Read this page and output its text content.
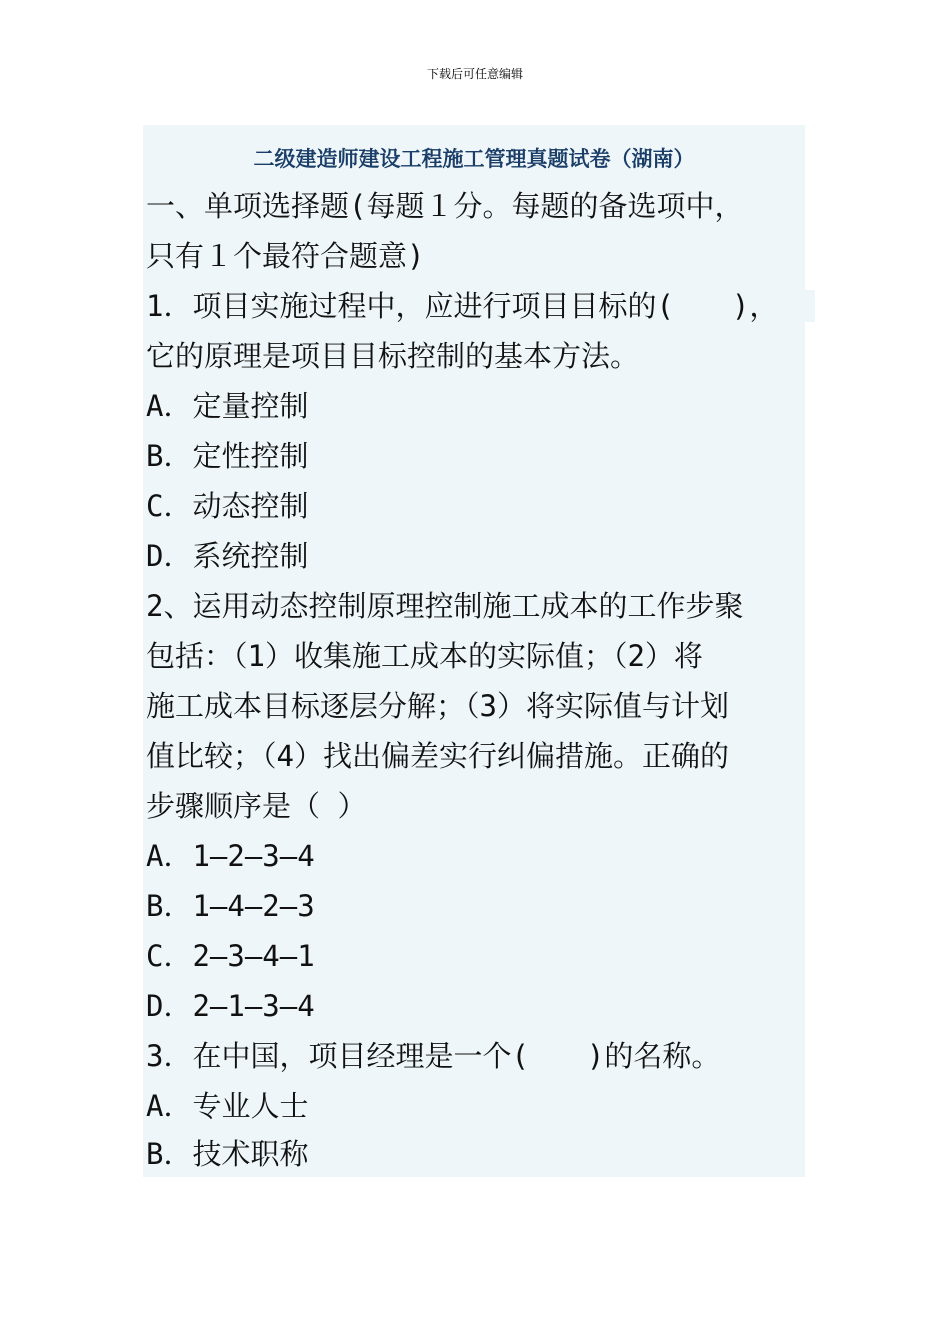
下载后可任意编辑
二级建造师建设工程施工管理真题试卷（湖南）
一、单项选择题(每题１分。每题的备选项中，
只有１个最符合题意)
1．项目实施过程中，应进行项目目标的(　　)，
它的原理是项目目标控制的基本方法。
A．定量控制
B．定性控制
C．动态控制
D．系统控制
2、运用动态控制原理控制施工成本的工作步聚
包括：（1）收集施工成本的实际值；（2）将
施工成本目标逐层分解；（3）将实际值与计划
值比较；（4）找出偏差实行纠偏措施。正确的
步骤顺序是（ ）
A．1—2—3—4
B．1—4—2—3
C．2—3—4—1
D．2—1—3—4
3．在中国，项目经理是一个(　　)的名称。
A．专业人士
B．技术职称
